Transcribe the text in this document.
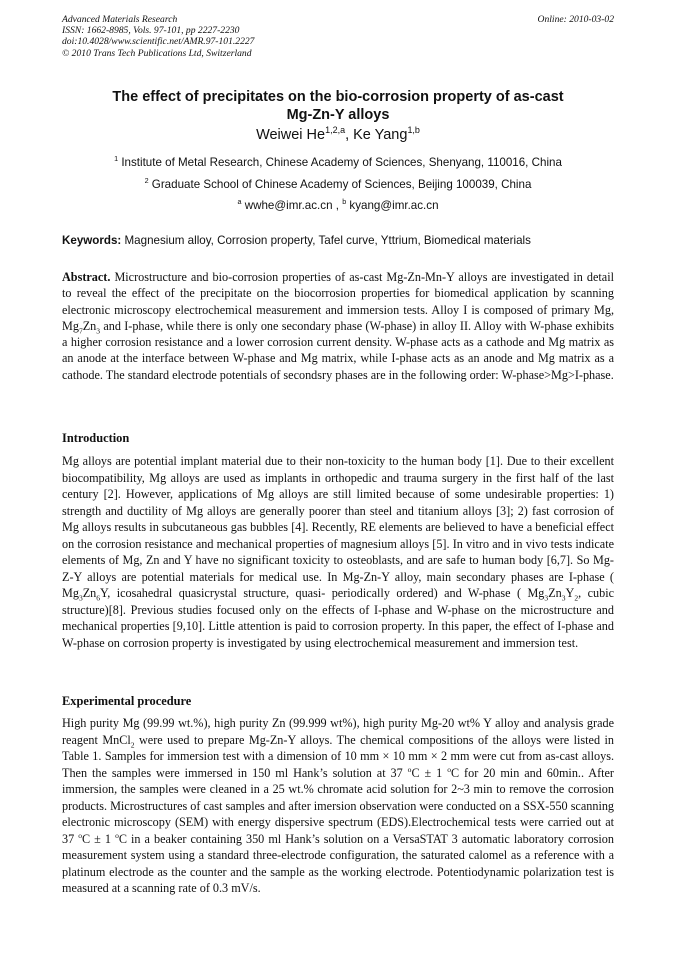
Advanced Materials Research
ISSN: 1662-8985, Vols. 97-101, pp 2227-2230
doi:10.4028/www.scientific.net/AMR.97-101.2227
© 2010 Trans Tech Publications Ltd, Switzerland
Online: 2010-03-02
The effect of precipitates on the bio-corrosion property of as-cast
Mg-Zn-Y alloys
Weiwei He$^{1,2,a}$, Ke Yang$^{1,b}$
$^1$ Institute of Metal Research, Chinese Academy of Sciences, Shenyang, 110016, China
$^2$ Graduate School of Chinese Academy of Sciences, Beijing 100039, China
$^a$ wwhe@imr.ac.cn , $^b$ kyang@imr.ac.cn
Keywords: Magnesium alloy, Corrosion property, Tafel curve, Yttrium, Biomedical materials
Abstract. Microstructure and bio-corrosion properties of as-cast Mg-Zn-Mn-Y alloys are investigated in detail to reveal the effect of the precipitate on the biocorrosion properties for biomedical application by scanning electronic microscopy electrochemical measurement and immersion tests. Alloy I is composed of primary Mg, $Mg_7Zn_3$ and I-phase, while there is only one secondary phase (W-phase) in alloy II. Alloy with W-phase exhibits a higher corrosion resistance and a lower corrosion current density. W-phase acts as a cathode and Mg matrix as an anode at the interface between W-phase and Mg matrix, while I-phase acts as an anode and Mg matrix as a cathode. The standard electrode potentials of secondsry phases are in the following order: W-phase>Mg>I-phase.
Introduction
Mg alloys are potential implant material due to their non-toxicity to the human body [1]. Due to their excellent biocompatibility, Mg alloys are used as implants in orthopedic and trauma surgery in the first half of the last century [2]. However, applications of Mg alloys are still limited because of some undesirable properties: 1) strength and ductility of Mg alloys are generally poorer than steel and titanium alloys [3]; 2) fast corrosion of Mg alloys results in subcutaneous gas bubbles [4]. Recently, RE elements are believed to have a beneficial effect on the corrosion resistance and mechanical properties of magnesium alloys [5]. In vitro and in vivo tests indicate elements of Mg, Zn and Y have no significant toxicity to osteoblasts, and are safe to human body [6,7]. So Mg-Z-Y alloys are potential materials for medical use. In Mg-Zn-Y alloy, main secondary phases are I-phase ( $Mg_3Zn_6Y$, icosahedral quasicrystal structure, quasi- periodically ordered) and W-phase ( $Mg_3Zn_3Y_2$, cubic structure)[8]. Previous studies focused only on the effects of I-phase and W-phase on the microstructure and mechanical properties [9,10]. Little attention is paid to corrosion property. In this paper, the effect of I-phase and W-phase on corrosion property is investigated by using electrochemical measurement and immersion test.
Experimental procedure
High purity Mg (99.99 wt.%), high purity Zn (99.999 wt%), high purity Mg-20 wt% Y alloy and analysis grade reagent MnCl$_2$ were used to prepare Mg-Zn-Y alloys. The chemical compositions of the alloys were listed in Table 1. Samples for immersion test with a dimension of 10 mm × 10 mm × 2 mm were cut from as-cast alloys. Then the samples were immersed in 150 ml Hank’s solution at 37 $^o$C ± 1 $^o$C for 20 min and 60min.. After immersion, the samples were cleaned in a 25 wt.% chromate acid solution for 2~3 min to remove the corrosion products. Microstructures of cast samples and after imersion observation were conducted on a SSX-550 scanning electronic microscopy (SEM) with energy dispersive spectrum (EDS).Electrochemical tests were carried out at 37 $^o$C ± 1 $^o$C in a beaker containing 350 ml Hank’s solution on a VersaSTAT 3 automatic laboratory corrosion measurement system using a standard three-electrode configuration, the saturated calomel as a reference with a platinum electrode as the counter and the sample as the working electrode. Potentiodynamic polarization test is measured at a scanning rate of 0.3 mV/s.
